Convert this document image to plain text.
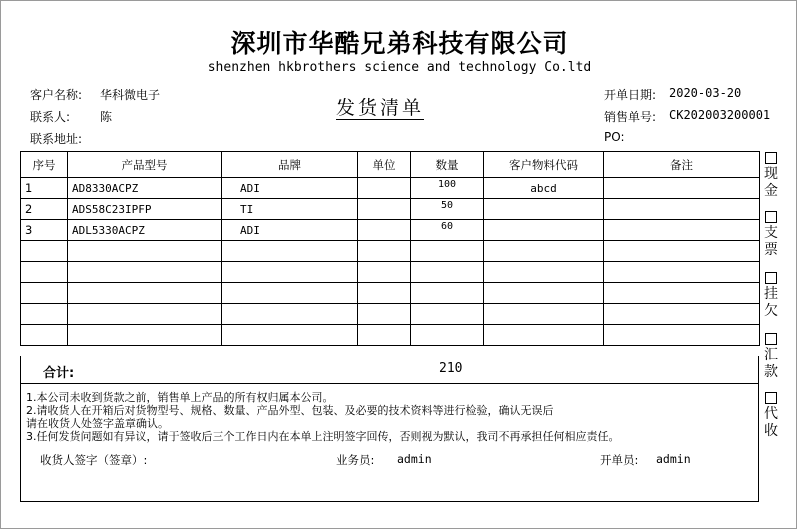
深圳市华酷兄弟科技有限公司
shenzhen hkbrothers science and technology Co.ltd
客户名称: 华科微电子
联系人: 陈
联系地址:
发货清单
开单日期: 2020-03-20
销售单号: CK202003200001
PO:
序号	产品型号	品牌	单位	数量	客户物料代码	备注
1	AD8330ACPZ	ADI		100	abcd	
2	ADS58C23IPFP	TI		50		
3	ADL5330ACPZ	ADI		60		

合计:	210
1.本公司未收到货款之前，销售单上产品的所有权归属本公司。
2.请收货人在开箱后对货物型号、规格、数量、产品外型、包装、及必要的技术资料等进行检验，确认无误后
请在收货人处签字盖章确认。
3.任何发货问题如有异议，请于签收后三个工作日内在本单上注明签字回传，否则视为默认，我司不再承担任何相应责任。
收货人签字（签章）:	业务员: admin	开单员: admin
现
金
支
票
挂
欠
汇
款
代
收
